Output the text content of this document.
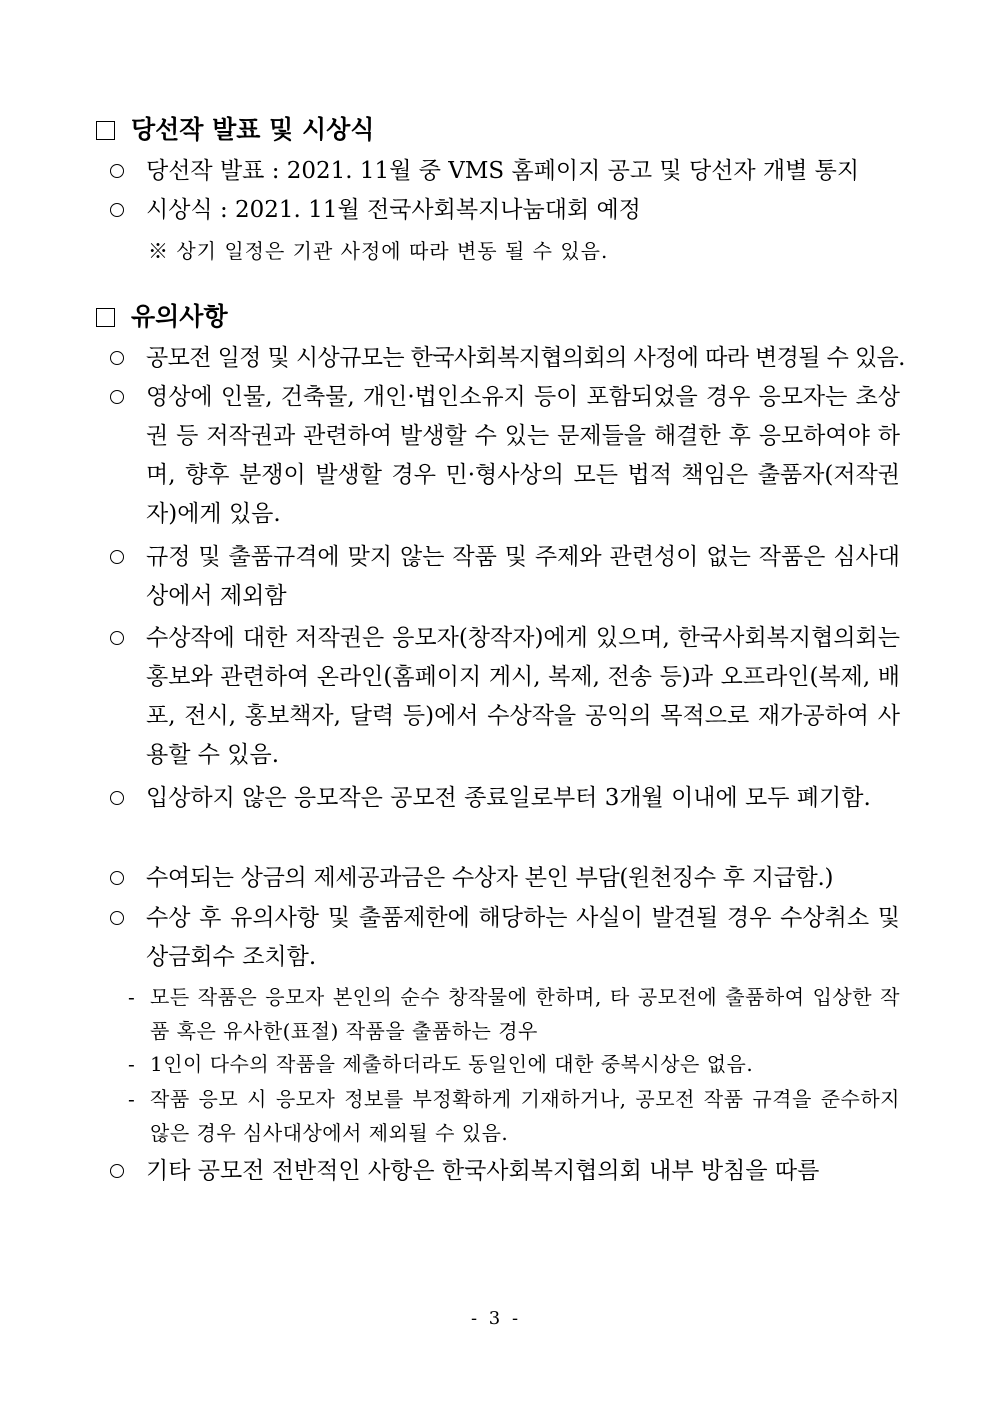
당선작 발표 및 시상식
당선작 발표 : 2021. 11월 중 VMS 홈페이지 공고 및 당선자 개별 통지
시상식 : 2021. 11월 전국사회복지나눔대회 예정
※ 상기 일정은 기관 사정에 따라 변동 될 수 있음.
유의사항
공모전 일정 및 시상규모는 한국사회복지협의회의 사정에 따라 변경될 수 있음.
영상에 인물, 건축물, 개인·법인소유지 등이 포함되었을 경우 응모자는 초상권 등 저작권과 관련하여 발생할 수 있는 문제들을 해결한 후 응모하여야 하며, 향후 분쟁이 발생할 경우 민·형사상의 모든 법적 책임은 출품자(저작권자)에게 있음.
규정 및 출품규격에 맞지 않는 작품 및 주제와 관련성이 없는 작품은 심사대상에서 제외함
수상작에 대한 저작권은 응모자(창작자)에게 있으며, 한국사회복지협의회는 홍보와 관련하여 온라인(홈페이지 게시, 복제, 전송 등)과 오프라인(복제, 배포, 전시, 홍보책자, 달력 등)에서 수상작을 공익의 목적으로 재가공하여 사용할 수 있음.
입상하지 않은 응모작은 공모전 종료일로부터 3개월 이내에 모두 폐기함.
수여되는 상금의 제세공과금은 수상자 본인 부담(원천징수 후 지급함.)
수상 후 유의사항 및 출품제한에 해당하는 사실이 발견될 경우 수상취소 및 상금회수 조치함.
- 모든 작품은 응모자 본인의 순수 창작물에 한하며, 타 공모전에 출품하여 입상한 작품 혹은 유사한(표절) 작품을 출품하는 경우
- 1인이 다수의 작품을 제출하더라도 동일인에 대한 중복시상은 없음.
- 작품 응모 시 응모자 정보를 부정확하게 기재하거나, 공모전 작품 규격을 준수하지 않은 경우 심사대상에서 제외될 수 있음.
기타 공모전 전반적인 사항은 한국사회복지협의회 내부 방침을 따름
- 3 -
